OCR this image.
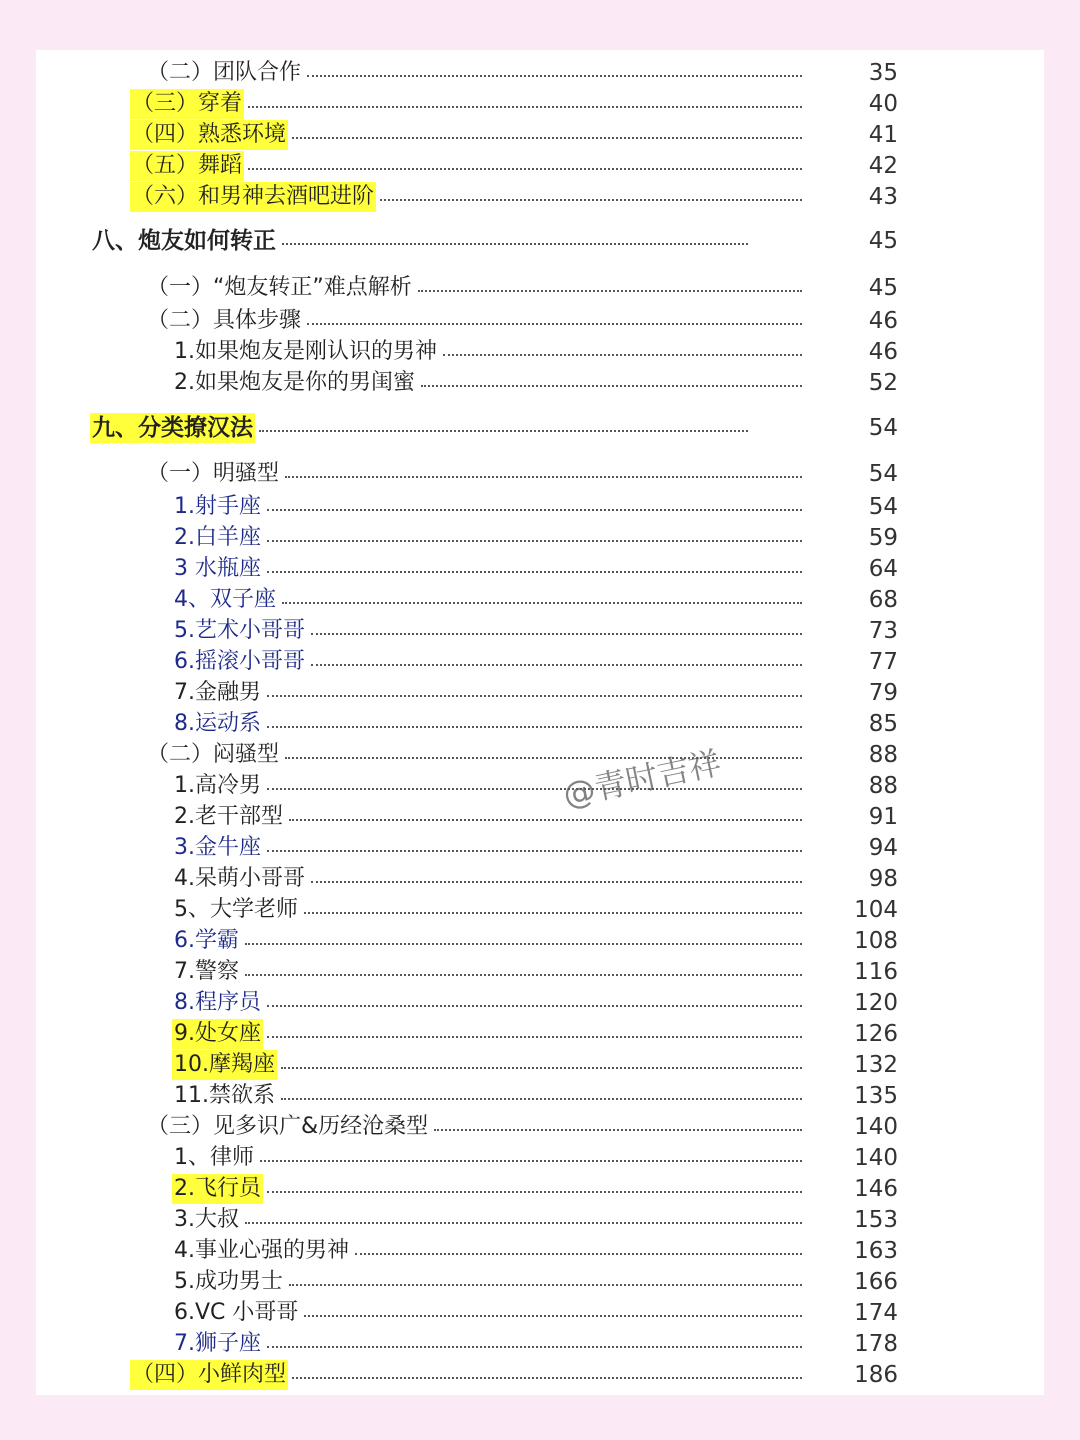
（二）团队合作	35
（三）穿着	40
（四）熟悉环境	41
（五）舞蹈	42
（六）和男神去酒吧进阶	43
八、炮友如何转正	45
（一）“炮友转正”难点解析	45
（二）具体步骤	46
1.如果炮友是刚认识的男神	46
2.如果炮友是你的男闺蜜	52
九、分类撩汉法	54
（一）明骚型	54
1.射手座	54
2.白羊座	59
3 水瓶座	64
4、双子座	68
5.艺术小哥哥	73
6.摇滚小哥哥	77
7.金融男	79
8.运动系	85
（二）闷骚型	88
1.高冷男	88
2.老干部型	91
3.金牛座	94
4.呆萌小哥哥	98
5、大学老师	104
6.学霸	108
7.警察	116
8.程序员	120
9.处女座	126
10.摩羯座	132
11.禁欲系	135
（三）见多识广&历经沧桑型	140
1、律师	140
2.飞行员	146
3.大叔	153
4.事业心强的男神	163
5.成功男士	166
6.VC 小哥哥	174
7.狮子座	178
（四）小鲜肉型	186
@青时吉祥
